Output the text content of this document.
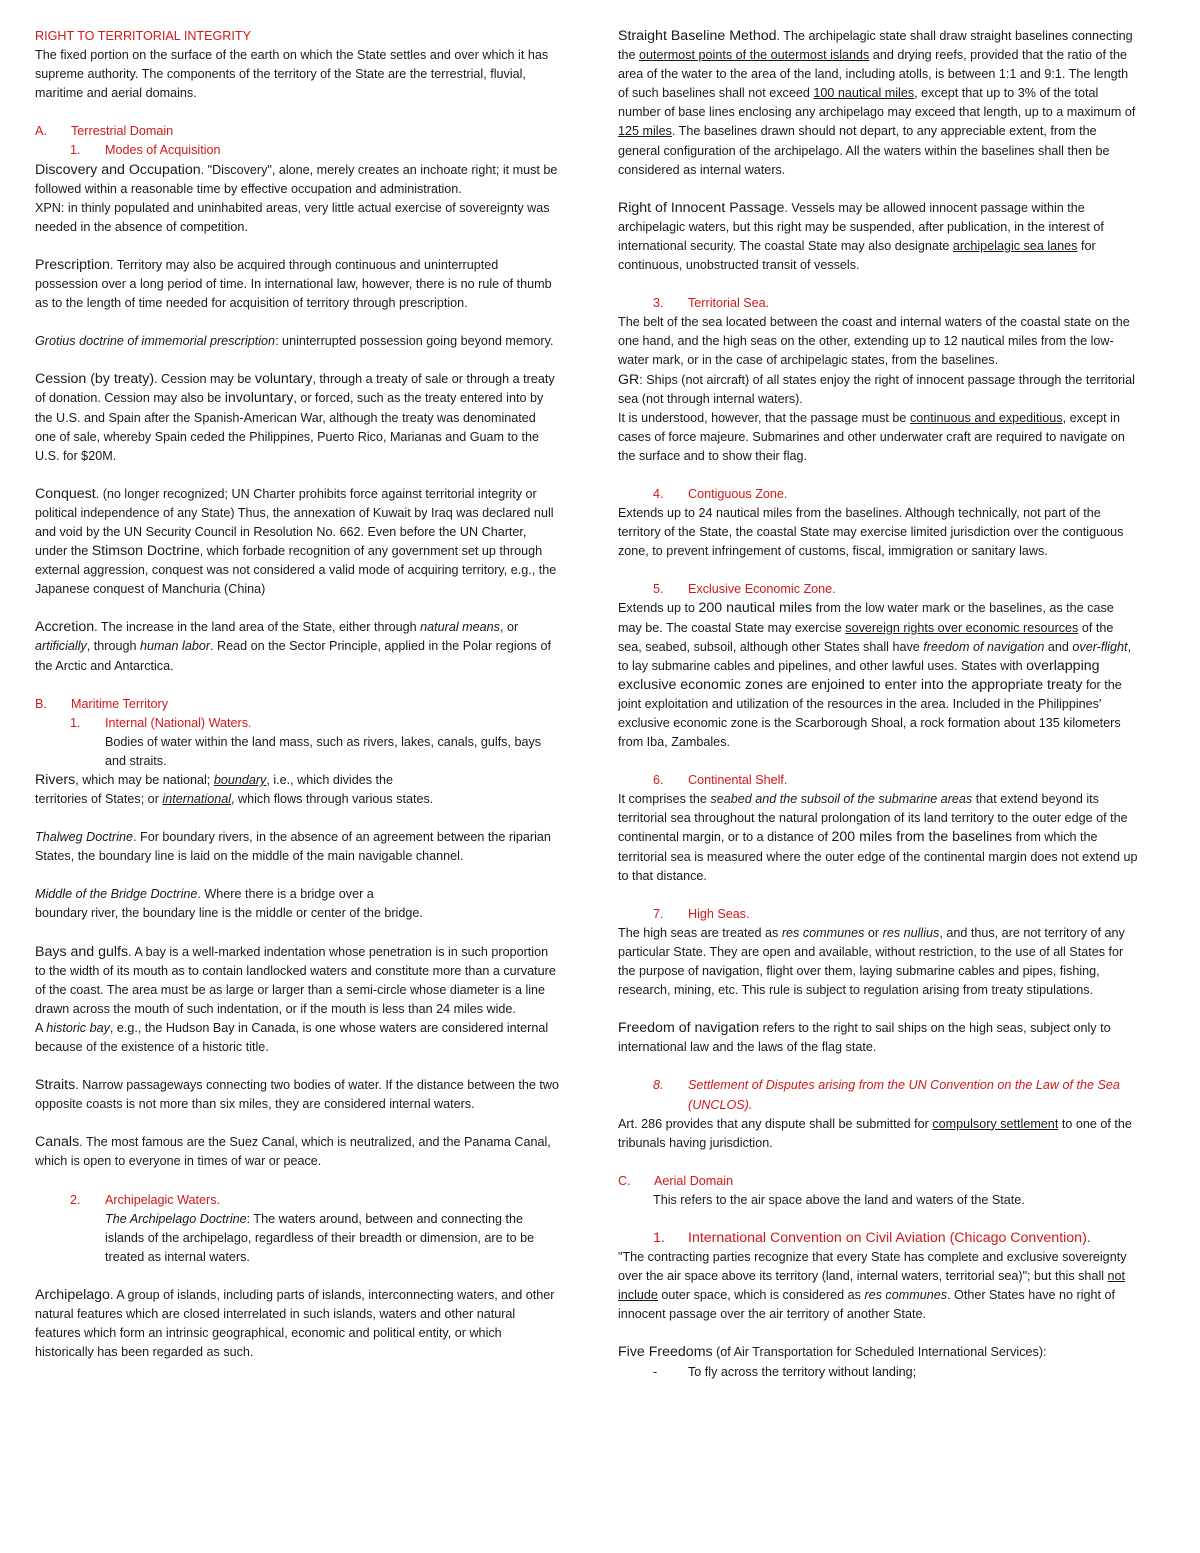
RIGHT TO TERRITORIAL INTEGRITY

The fixed portion on the surface of the earth on which the State settles and over which it has supreme authority. The components of the territory of the State are the terrestrial, fluvial, maritime and aerial domains.

A.	Terrestrial Domain
1.	Modes of Acquisition

Discovery and Occupation. "Discovery", alone, merely creates an inchoate right; it must be followed within a reasonable time by effective occupation and administration.

XPN: in thinly populated and uninhabited areas, very little actual exercise of sovereignty was needed in the absence of competition.

Prescription. Territory may also be acquired through continuous and uninterrupted possession over a long period of time. In international law, however, there is no rule of thumb as to the length of time needed for acquisition of territory through prescription.

Grotius doctrine of immemorial prescription: uninterrupted possession going beyond memory.

Cession (by treaty). Cession may be voluntary, through a treaty of sale or through a treaty of donation. Cession may also be involuntary, or forced, such as the treaty entered into by the U.S. and Spain after the Spanish-American War, although the treaty was denominated one of sale, whereby Spain ceded the Philippines, Puerto Rico, Marianas and Guam to the U.S. for $20M.

Conquest. (no longer recognized; UN Charter prohibits force against territorial integrity or political independence of any State) Thus, the annexation of Kuwait by Iraq was declared null and void by the UN Security Council in Resolution No. 662. Even before the UN Charter, under the Stimson Doctrine, which forbade recognition of any government set up through external aggression, conquest was not considered a valid mode of acquiring territory, e.g., the Japanese conquest of Manchuria (China)

Accretion. The increase in the land area of the State, either through natural means, or artificially, through human labor. Read on the Sector Principle, applied in the Polar regions of the Arctic and Antarctica.

B.	Maritime Territory
1.	Internal (National) Waters.

Bodies of water within the land mass, such as rivers, lakes, canals, gulfs, bays and straits.

Rivers, which may be national; boundary, i.e., which divides the
territories of States; or international, which flows through various states.

Thalweg Doctrine. For boundary rivers, in the absence of an agreement between the riparian States, the boundary line is laid on the middle of the main navigable channel.

Middle of the Bridge Doctrine. Where there is a bridge over a
boundary river, the boundary line is the middle or center of the bridge.

Bays and gulfs. A bay is a well-marked indentation whose penetration is in such proportion to the width of its mouth as to contain landlocked waters and constitute more than a curvature of the coast. The area must be as large or larger than a semi-circle whose diameter is a line drawn across the mouth of such indentation, or if the mouth is less than 24 miles wide.

A historic bay, e.g., the Hudson Bay in Canada, is one whose waters are considered internal because of the existence of a historic title.

Straits. Narrow passageways connecting two bodies of water. If the distance between the two opposite coasts is not more than six miles, they are considered internal waters.

Canals. The most famous are the Suez Canal, which is neutralized, and the Panama Canal, which is open to everyone in times of war or peace.

2.	Archipelagic Waters.

The Archipelago Doctrine: The waters around, between and connecting the islands of the archipelago, regardless of their breadth or dimension, are to be treated as internal waters.

Archipelago. A group of islands, including parts of islands, interconnecting waters, and other natural features which are closed interrelated in such islands, waters and other natural features which form an intrinsic geographical, economic and political entity, or which historically has been regarded as such.

Straight Baseline Method. The archipelagic state shall draw straight baselines connecting the outermost points of the outermost islands and drying reefs, provided that the ratio of the area of the water to the area of the land, including atolls, is between 1:1 and 9:1. The length of such baselines shall not exceed 100 nautical miles, except that up to 3% of the total number of base lines enclosing any archipelago may exceed that length, up to a maximum of 125 miles. The baselines drawn should not depart, to any appreciable extent, from the general configuration of the archipelago. All the waters within the baselines shall then be considered as internal waters.

Right of Innocent Passage. Vessels may be allowed innocent passage within the archipelagic waters, but this right may be suspended, after publication, in the interest of international security. The coastal State may also designate archipelagic sea lanes for continuous, unobstructed transit of vessels.

3.	Territorial Sea.

The belt of the sea located between the coast and internal waters of the coastal state on the one hand, and the high seas on the other, extending up to 12 nautical miles from the low-water mark, or in the case of archipelagic states, from the baselines.

GR: Ships (not aircraft) of all states enjoy the right of innocent passage through the territorial sea (not through internal waters).

It is understood, however, that the passage must be continuous and expeditious, except in cases of force majeure. Submarines and other underwater craft are required to navigate on the surface and to show their flag.

4.	Contiguous Zone.

Extends up to 24 nautical miles from the baselines. Although technically, not part of the territory of the State, the coastal State may exercise limited jurisdiction over the contiguous zone, to prevent infringement of customs, fiscal, immigration or sanitary laws.

5.	Exclusive Economic Zone.

Extends up to 200 nautical miles from the low water mark or the baselines, as the case may be. The coastal State may exercise sovereign rights over economic resources of the sea, seabed, subsoil, although other States shall have freedom of navigation and over-flight, to lay submarine cables and pipelines, and other lawful uses. States with overlapping exclusive economic zones are enjoined to enter into the appropriate treaty for the joint exploitation and utilization of the resources in the area. Included in the Philippines' exclusive economic zone is the Scarborough Shoal, a rock formation about 135 kilometers from Iba, Zambales.

6.	Continental Shelf.

It comprises the seabed and the subsoil of the submarine areas that extend beyond its territorial sea throughout the natural prolongation of its land territory to the outer edge of the continental margin, or to a distance of 200 miles from the baselines from which the territorial sea is measured where the outer edge of the continental margin does not extend up to that distance.

7.	High Seas.

The high seas are treated as res communes or res nullius, and thus, are not territory of any particular State. They are open and available, without restriction, to the use of all States for the purpose of navigation, flight over them, laying submarine cables and pipes, fishing, research, mining, etc. This rule is subject to regulation arising from treaty stipulations.

Freedom of navigation refers to the right to sail ships on the high seas, subject only to international law and the laws of the flag state.

8.	Settlement of Disputes arising from the UN Convention on the Law of the Sea (UNCLOS).

Art. 286 provides that any dispute shall be submitted for compulsory settlement to one of the tribunals having jurisdiction.

C.	Aerial Domain

This refers to the air space above the land and waters of the State.

1.	International Convention on Civil Aviation (Chicago Convention).

"The contracting parties recognize that every State has complete and exclusive sovereignty over the air space above its territory (land, internal waters, territorial sea)"; but this shall not include outer space, which is considered as res communes. Other States have no right of innocent passage over the air territory of another State.

Five Freedoms (of Air Transportation for Scheduled International Services):

-	To fly across the territory without landing;
